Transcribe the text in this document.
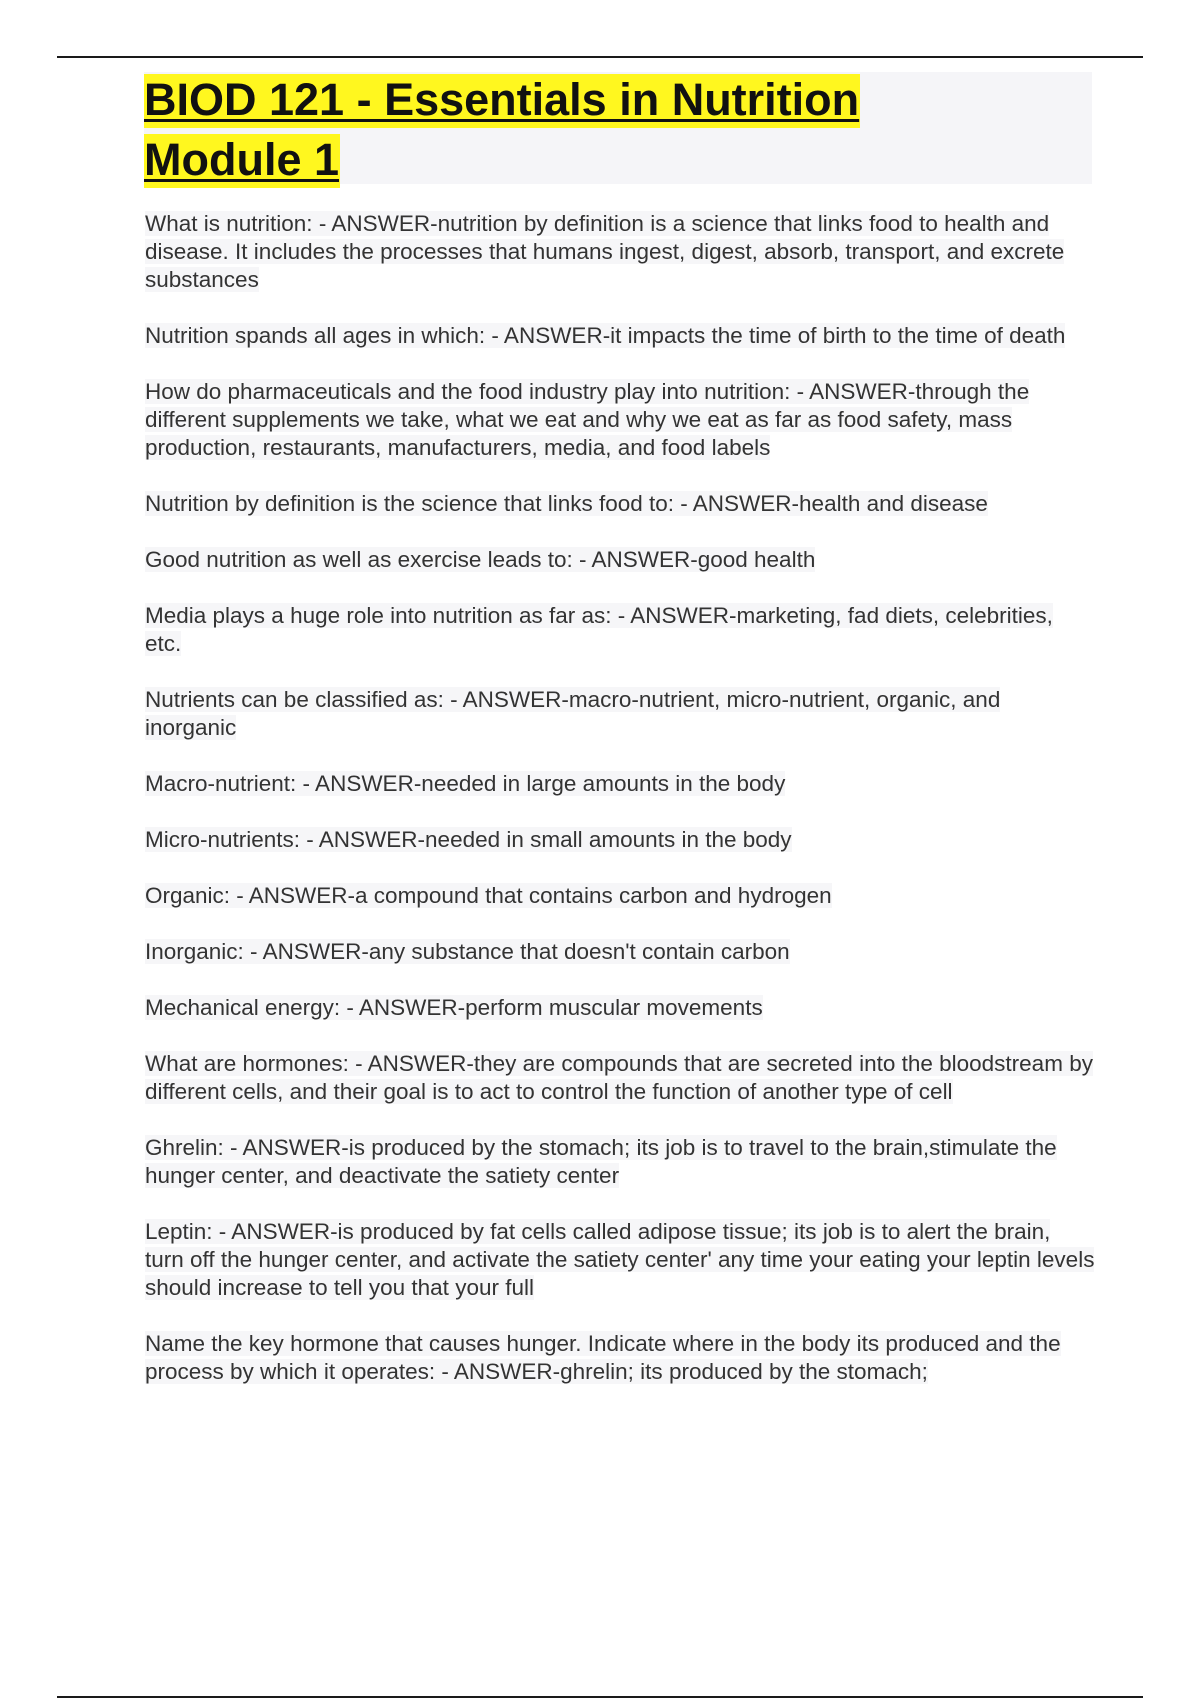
BIOD 121 - Essentials in Nutrition
Module 1

What is nutrition: - ANSWER-nutrition by definition is a science that links food to health and disease. It includes the processes that humans ingest, digest, absorb, transport, and excrete substances

Nutrition spands all ages in which: - ANSWER-it impacts the time of birth to the time of death

How do pharmaceuticals and the food industry play into nutrition: - ANSWER-through the different supplements we take, what we eat and why we eat as far as food safety, mass production, restaurants, manufacturers, media, and food labels

Nutrition by definition is the science that links food to: - ANSWER-health and disease

Good nutrition as well as exercise leads to: - ANSWER-good health

Media plays a huge role into nutrition as far as: - ANSWER-marketing, fad diets, celebrities, etc.

Nutrients can be classified as: - ANSWER-macro-nutrient, micro-nutrient, organic, and inorganic

Macro-nutrient: - ANSWER-needed in large amounts in the body

Micro-nutrients: - ANSWER-needed in small amounts in the body

Organic: - ANSWER-a compound that contains carbon and hydrogen

Inorganic: - ANSWER-any substance that doesn't contain carbon

Mechanical energy: - ANSWER-perform muscular movements

What are hormones: - ANSWER-they are compounds that are secreted into the bloodstream by different cells, and their goal is to act to control the function of another type of cell

Ghrelin: - ANSWER-is produced by the stomach; its job is to travel to the brain,stimulate the hunger center, and deactivate the satiety center

Leptin: - ANSWER-is produced by fat cells called adipose tissue; its job is to alert the brain, turn off the hunger center, and activate the satiety center' any time your eating your leptin levels should increase to tell you that your full

Name the key hormone that causes hunger. Indicate where in the body its produced and the process by which it operates: - ANSWER-ghrelin; its produced by the stomach;
